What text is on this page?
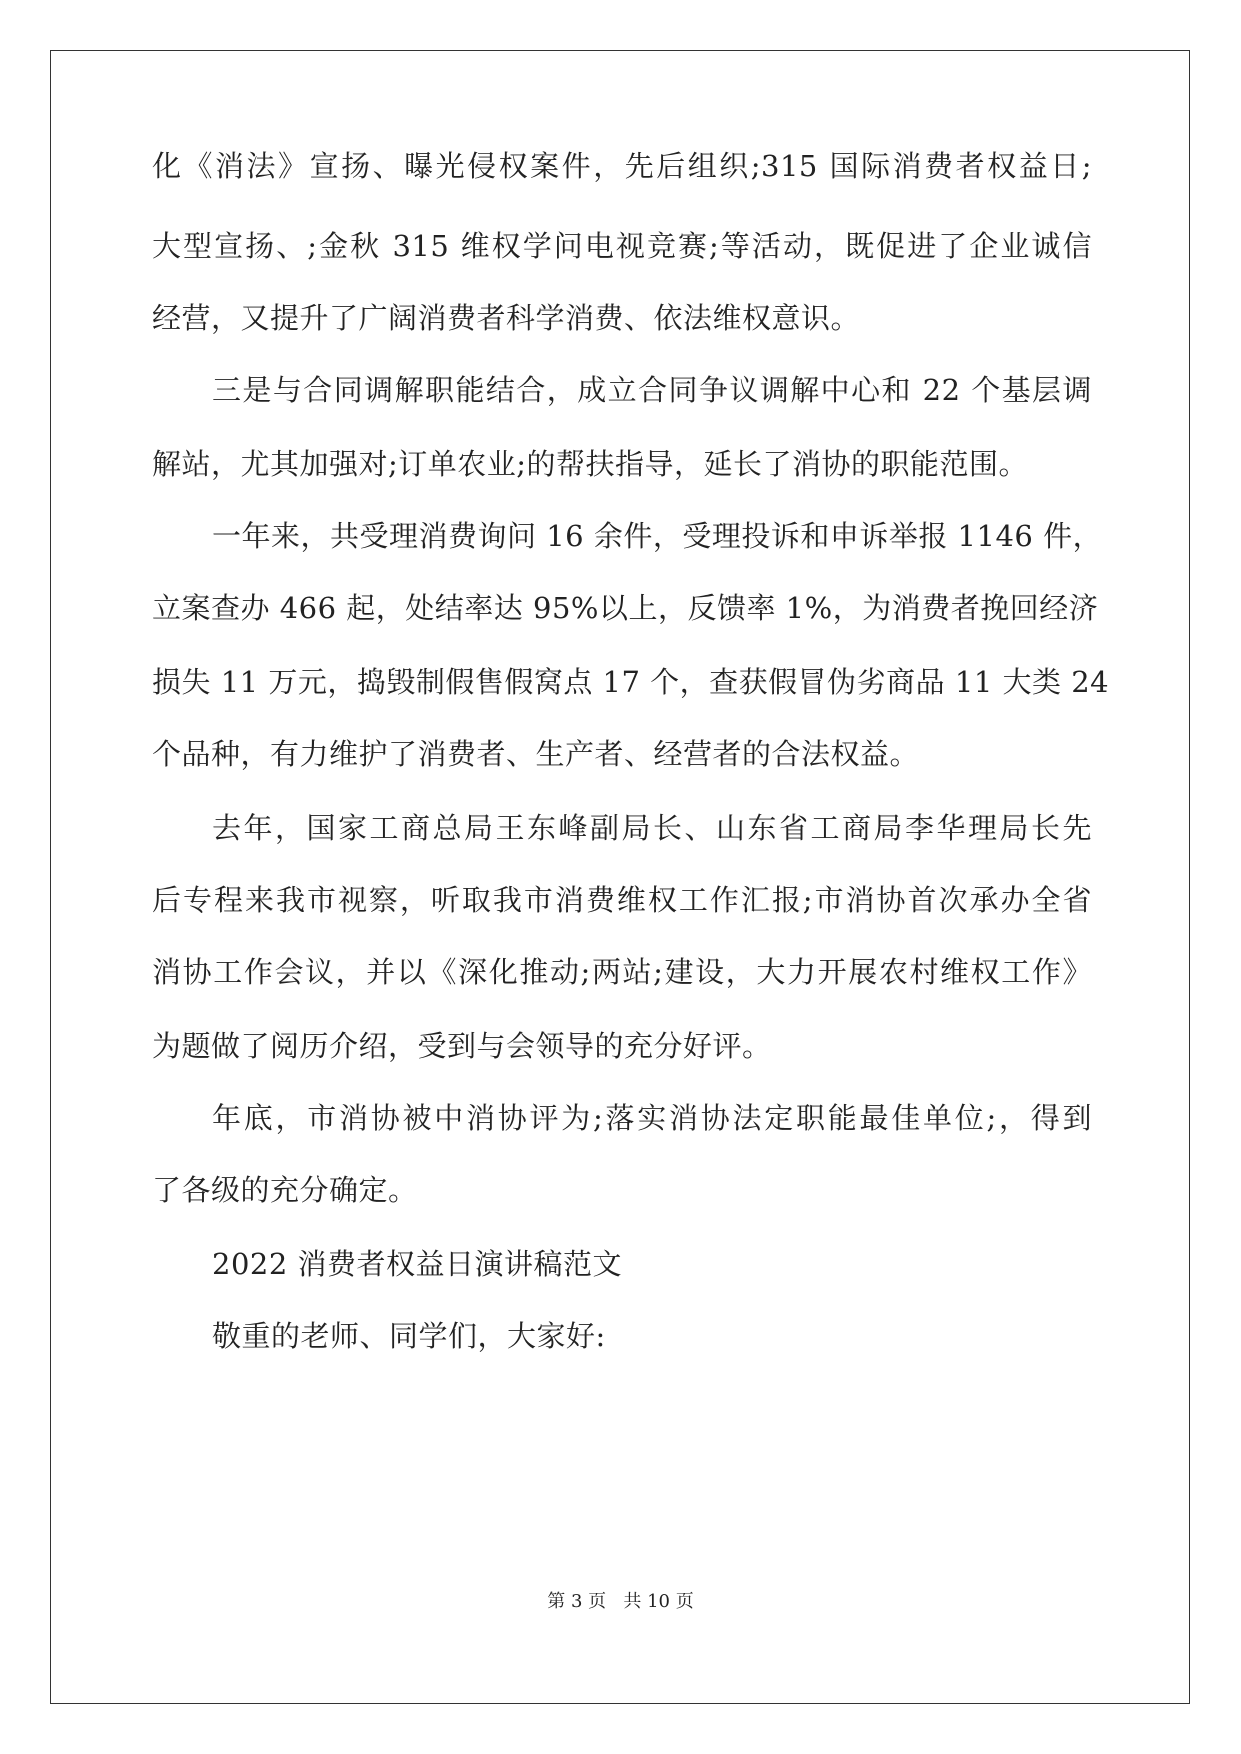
化《消法》宣扬、曝光侵权案件，先后组织;315 国际消费者权益日;
大型宣扬、;金秋 315 维权学问电视竞赛;等活动，既促进了企业诚信
经营，又提升了广阔消费者科学消费、依法维权意识。
三是与合同调解职能结合，成立合同争议调解中心和 22 个基层调
解站，尤其加强对;订单农业;的帮扶指导，延长了消协的职能范围。
一年来，共受理消费询问 16 余件，受理投诉和申诉举报 1146 件，
立案查办 466 起，处结率达 95%以上，反馈率 1%，为消费者挽回经济
损失 11 万元，捣毁制假售假窝点 17 个，查获假冒伪劣商品 11 大类 24
个品种，有力维护了消费者、生产者、经营者的合法权益。
去年，国家工商总局王东峰副局长、山东省工商局李华理局长先
后专程来我市视察，听取我市消费维权工作汇报;市消协首次承办全省
消协工作会议，并以《深化推动;两站;建设，大力开展农村维权工作》
为题做了阅历介绍，受到与会领导的充分好评。
年底，市消协被中消协评为;落实消协法定职能最佳单位;，得到
了各级的充分确定。
2022 消费者权益日演讲稿范文
敬重的老师、同学们，大家好:
第 3 页   共 10 页
